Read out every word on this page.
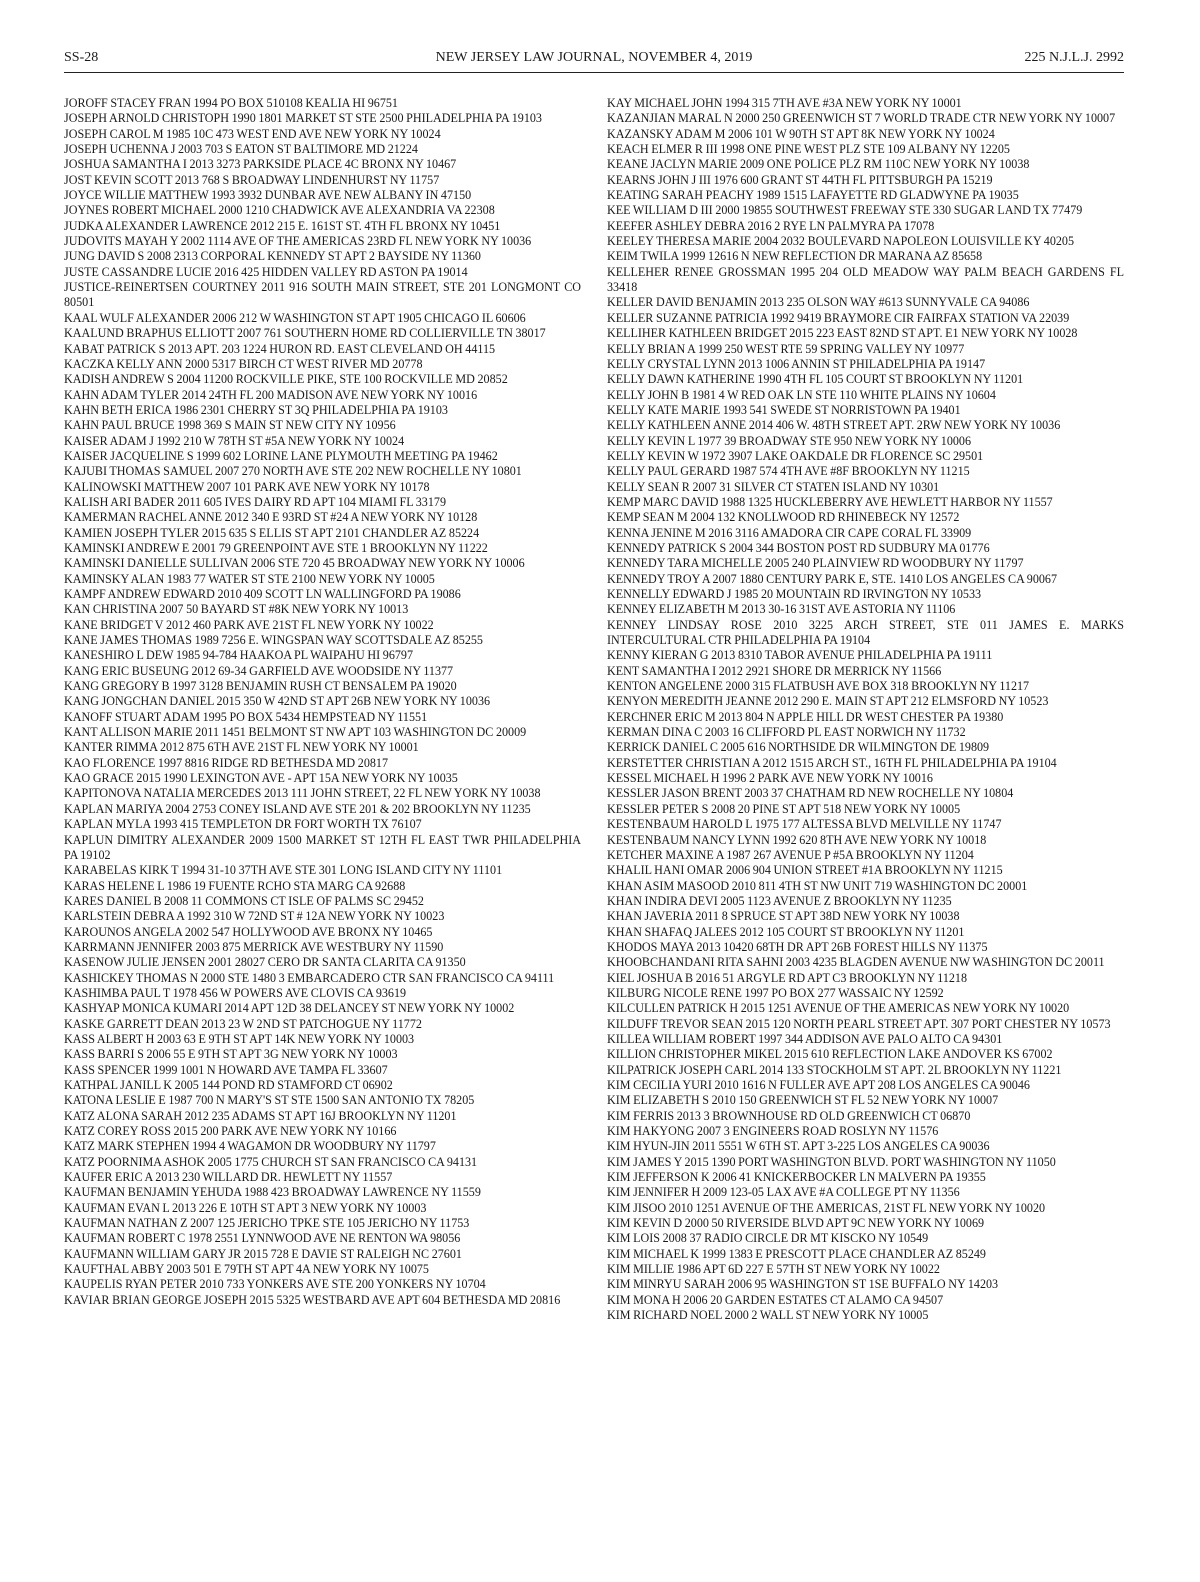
SS-28	NEW JERSEY LAW JOURNAL, NOVEMBER 4, 2019	225 N.J.L.J. 2992
JOROFF STACEY FRAN 1994 PO BOX 510108 KEALIA HI 96751
JOSEPH ARNOLD CHRISTOPH 1990 1801 MARKET ST STE 2500 PHILADELPHIA PA 19103
JOSEPH CAROL M 1985 10C 473 WEST END AVE NEW YORK NY 10024
JOSEPH UCHENNA J 2003 703 S EATON ST BALTIMORE MD 21224
JOSHUA SAMANTHA I 2013 3273 PARKSIDE PLACE 4C BRONX NY 10467
JOST KEVIN SCOTT 2013 768 S BROADWAY LINDENHURST NY 11757
JOYCE WILLIE MATTHEW 1993 3932 DUNBAR AVE NEW ALBANY IN 47150
JOYNES ROBERT MICHAEL 2000 1210 CHADWICK AVE ALEXANDRIA VA 22308
JUDKA ALEXANDER LAWRENCE 2012 215 E. 161ST ST. 4TH FL BRONX NY 10451
JUDOVITS MAYAH Y 2002 1114 AVE OF THE AMERICAS 23RD FL NEW YORK NY 10036
JUNG DAVID S 2008 2313 CORPORAL KENNEDY ST APT 2 BAYSIDE NY 11360
JUSTE CASSANDRE LUCIE 2016 425 HIDDEN VALLEY RD ASTON PA 19014
JUSTICE-REINERTSEN COURTNEY 2011 916 SOUTH MAIN STREET, STE 201 LONGMONT CO 80501
KAAL WULF ALEXANDER 2006 212 W WASHINGTON ST APT 1905 CHICAGO IL 60606
KAALUND BRAPHUS ELLIOTT 2007 761 SOUTHERN HOME RD COLLIERVILLE TN 38017
KABAT PATRICK S 2013 APT. 203 1224 HURON RD. EAST CLEVELAND OH 44115
KACZKA KELLY ANN 2000 5317 BIRCH CT WEST RIVER MD 20778
KADISH ANDREW S 2004 11200 ROCKVILLE PIKE, STE 100 ROCKVILLE MD 20852
KAHN ADAM TYLER 2014 24TH FL 200 MADISON AVE NEW YORK NY 10016
KAHN BETH ERICA 1986 2301 CHERRY ST 3Q PHILADELPHIA PA 19103
KAHN PAUL BRUCE 1998 369 S MAIN ST NEW CITY NY 10956
KAISER ADAM J 1992 210 W 78TH ST #5A NEW YORK NY 10024
KAISER JACQUELINE S 1999 602 LORINE LANE PLYMOUTH MEETING PA 19462
KAJUBI THOMAS SAMUEL 2007 270 NORTH AVE STE 202 NEW ROCHELLE NY 10801
KALINOWSKI MATTHEW 2007 101 PARK AVE NEW YORK NY 10178
KALISH ARI BADER 2011 605 IVES DAIRY RD APT 104 MIAMI FL 33179
KAMERMAN RACHEL ANNE 2012 340 E 93RD ST #24 A NEW YORK NY 10128
KAMIEN JOSEPH TYLER 2015 635 S ELLIS ST APT 2101 CHANDLER AZ 85224
KAMINSKI ANDREW E 2001 79 GREENPOINT AVE STE 1 BROOKLYN NY 11222
KAMINSKI DANIELLE SULLIVAN 2006 STE 720 45 BROADWAY NEW YORK NY 10006
KAMINSKY ALAN 1983 77 WATER ST STE 2100 NEW YORK NY 10005
KAMPF ANDREW EDWARD 2010 409 SCOTT LN WALLINGFORD PA 19086
KAN CHRISTINA 2007 50 BAYARD ST #8K NEW YORK NY 10013
KANE BRIDGET V 2012 460 PARK AVE 21ST FL NEW YORK NY 10022
KANE JAMES THOMAS 1989 7256 E. WINGSPAN WAY SCOTTSDALE AZ 85255
KANESHIRO L DEW 1985 94-784 HAAKOA PL WAIPAHU HI 96797
KANG ERIC BUSEUNG 2012 69-34 GARFIELD AVE WOODSIDE NY 11377
KANG GREGORY B 1997 3128 BENJAMIN RUSH CT BENSALEM PA 19020
KANG JONGCHAN DANIEL 2015 350 W 42ND ST APT 26B NEW YORK NY 10036
KANOFF STUART ADAM 1995 PO BOX 5434 HEMPSTEAD NY 11551
KANT ALLISON MARIE 2011 1451 BELMONT ST NW APT 103 WASHINGTON DC 20009
KANTER RIMMA 2012 875 6TH AVE 21ST FL NEW YORK NY 10001
KAO FLORENCE 1997 8816 RIDGE RD BETHESDA MD 20817
KAO GRACE 2015 1990 LEXINGTON AVE - APT 15A NEW YORK NY 10035
KAPITONOVA NATALIA MERCEDES 2013 111 JOHN STREET, 22 FL NEW YORK NY 10038
KAPLAN MARIYA 2004 2753 CONEY ISLAND AVE STE 201 & 202 BROOKLYN NY 11235
KAPLAN MYLA 1993 415 TEMPLETON DR FORT WORTH TX 76107
KAPLUN DIMITRY ALEXANDER 2009 1500 MARKET ST 12TH FL EAST TWR PHILADELPHIA PA 19102
KARABELAS KIRK T 1994 31-10 37TH AVE STE 301 LONG ISLAND CITY NY 11101
KARAS HELENE L 1986 19 FUENTE RCHO STA MARG CA 92688
KARES DANIEL B 2008 11 COMMONS CT ISLE OF PALMS SC 29452
KARLSTEIN DEBRA A 1992 310 W 72ND ST # 12A NEW YORK NY 10023
KAROUNOS ANGELA 2002 547 HOLLYWOOD AVE BRONX NY 10465
KARRMANN JENNIFER 2003 875 MERRICK AVE WESTBURY NY 11590
KASENOW JULIE JENSEN 2001 28027 CERO DR SANTA CLARITA CA 91350
KASHICKEY THOMAS N 2000 STE 1480 3 EMBARCADERO CTR SAN FRANCISCO CA 94111
KASHIMBA PAUL T 1978 456 W POWERS AVE CLOVIS CA 93619
KASHYAP MONICA KUMARI 2014 APT 12D 38 DELANCEY ST NEW YORK NY 10002
KASKE GARRETT DEAN 2013 23 W 2ND ST PATCHOGUE NY 11772
KASS ALBERT H 2003 63 E 9TH ST APT 14K NEW YORK NY 10003
KASS BARRI S 2006 55 E 9TH ST APT 3G NEW YORK NY 10003
KASS SPENCER 1999 1001 N HOWARD AVE TAMPA FL 33607
KATHPAL JANILL K 2005 144 POND RD STAMFORD CT 06902
KATONA LESLIE E 1987 700 N MARY'S ST STE 1500 SAN ANTONIO TX 78205
KATZ ALONA SARAH 2012 235 ADAMS ST APT 16J BROOKLYN NY 11201
KATZ COREY ROSS 2015 200 PARK AVE NEW YORK NY 10166
KATZ MARK STEPHEN 1994 4 WAGAMON DR WOODBURY NY 11797
KATZ POORNIMA ASHOK 2005 1775 CHURCH ST SAN FRANCISCO CA 94131
KAUFER ERIC A 2013 230 WILLARD DR. HEWLETT NY 11557
KAUFMAN BENJAMIN YEHUDA 1988 423 BROADWAY LAWRENCE NY 11559
KAUFMAN EVAN L 2013 226 E 10TH ST APT 3 NEW YORK NY 10003
KAUFMAN NATHAN Z 2007 125 JERICHO TPKE STE 105 JERICHO NY 11753
KAUFMAN ROBERT C 1978 2551 LYNNWOOD AVE NE RENTON WA 98056
KAUFMANN WILLIAM GARY JR 2015 728 E DAVIE ST RALEIGH NC 27601
KAUFTHAL ABBY 2003 501 E 79TH ST APT 4A NEW YORK NY 10075
KAUPELIS RYAN PETER 2010 733 YONKERS AVE STE 200 YONKERS NY 10704
KAVIAR BRIAN GEORGE JOSEPH 2015 5325 WESTBARD AVE APT 604 BETHESDA MD 20816
KAY MICHAEL JOHN 1994 315 7TH AVE #3A NEW YORK NY 10001
KAZANJIAN MARAL N 2000 250 GREENWICH ST 7 WORLD TRADE CTR NEW YORK NY 10007
KAZANSKY ADAM M 2006 101 W 90TH ST APT 8K NEW YORK NY 10024
KEACH ELMER R III 1998 ONE PINE WEST PLZ STE 109 ALBANY NY 12205
KEANE JACLYN MARIE 2009 ONE POLICE PLZ RM 110C NEW YORK NY 10038
KEARNS JOHN J III 1976 600 GRANT ST 44TH FL PITTSBURGH PA 15219
KEATING SARAH PEACHY 1989 1515 LAFAYETTE RD GLADWYNE PA 19035
KEE WILLIAM D III 2000 19855 SOUTHWEST FREEWAY STE 330 SUGAR LAND TX 77479
KEEFER ASHLEY DEBRA 2016 2 RYE LN PALMYRA PA 17078
KEELEY THERESA MARIE 2004 2032 BOULEVARD NAPOLEON LOUISVILLE KY 40205
KEIM TWILA 1999 12616 N NEW REFLECTION DR MARANA AZ 85658
KELLEHER RENEE GROSSMAN 1995 204 OLD MEADOW WAY PALM BEACH GARDENS FL 33418
KELLER DAVID BENJAMIN 2013 235 OLSON WAY #613 SUNNYVALE CA 94086
KELLER SUZANNE PATRICIA 1992 9419 BRAYMORE CIR FAIRFAX STATION VA 22039
KELLIHER KATHLEEN BRIDGET 2015 223 EAST 82ND ST APT. E1 NEW YORK NY 10028
KELLY BRIAN A 1999 250 WEST RTE 59 SPRING VALLEY NY 10977
KELLY CRYSTAL LYNN 2013 1006 ANNIN ST PHILADELPHIA PA 19147
KELLY DAWN KATHERINE 1990 4TH FL 105 COURT ST BROOKLYN NY 11201
KELLY JOHN B 1981 4 W RED OAK LN STE 110 WHITE PLAINS NY 10604
KELLY KATE MARIE 1993 541 SWEDE ST NORRISTOWN PA 19401
KELLY KATHLEEN ANNE 2014 406 W. 48TH STREET APT. 2RW NEW YORK NY 10036
KELLY KEVIN L 1977 39 BROADWAY STE 950 NEW YORK NY 10006
KELLY KEVIN W 1972 3907 LAKE OAKDALE DR FLORENCE SC 29501
KELLY PAUL GERARD 1987 574 4TH AVE #8F BROOKLYN NY 11215
KELLY SEAN R 2007 31 SILVER CT STATEN ISLAND NY 10301
KEMP MARC DAVID 1988 1325 HUCKLEBERRY AVE HEWLETT HARBOR NY 11557
KEMP SEAN M 2004 132 KNOLLWOOD RD RHINEBECK NY 12572
KENNA JENINE M 2016 3116 AMADORA CIR CAPE CORAL FL 33909
KENNEDY PATRICK S 2004 344 BOSTON POST RD SUDBURY MA 01776
KENNEDY TARA MICHELLE 2005 240 PLAINVIEW RD WOODBURY NY 11797
KENNEDY TROY A 2007 1880 CENTURY PARK E, STE. 1410 LOS ANGELES CA 90067
KENNELLY EDWARD J 1985 20 MOUNTAIN RD IRVINGTON NY 10533
KENNEY ELIZABETH M 2013 30-16 31ST AVE ASTORIA NY 11106
KENNEY LINDSAY ROSE 2010 3225 ARCH STREET, STE 011 JAMES E. MARKS INTERCULTURAL CTR PHILADELPHIA PA 19104
KENNY KIERAN G 2013 8310 TABOR AVENUE PHILADELPHIA PA 19111
KENT SAMANTHA I 2012 2921 SHORE DR MERRICK NY 11566
KENTON ANGELENE 2000 315 FLATBUSH AVE BOX 318 BROOKLYN NY 11217
KENYON MEREDITH JEANNE 2012 290 E. MAIN ST APT 212 ELMSFORD NY 10523
KERCHNER ERIC M 2013 804 N APPLE HILL DR WEST CHESTER PA 19380
KERMAN DINA C 2003 16 CLIFFORD PL EAST NORWICH NY 11732
KERRICK DANIEL C 2005 616 NORTHSIDE DR WILMINGTON DE 19809
KERSTETTER CHRISTIAN A 2012 1515 ARCH ST., 16TH FL PHILADELPHIA PA 19104
KESSEL MICHAEL H 1996 2 PARK AVE NEW YORK NY 10016
KESSLER JASON BRENT 2003 37 CHATHAM RD NEW ROCHELLE NY 10804
KESSLER PETER S 2008 20 PINE ST APT 518 NEW YORK NY 10005
KESTENBAUM HAROLD L 1975 177 ALTESSA BLVD MELVILLE NY 11747
KESTENBAUM NANCY LYNN 1992 620 8TH AVE NEW YORK NY 10018
KETCHER MAXINE A 1987 267 AVENUE P #5A BROOKLYN NY 11204
KHALIL HANI OMAR 2006 904 UNION STREET #1A BROOKLYN NY 11215
KHAN ASIM MASOOD 2010 811 4TH ST NW UNIT 719 WASHINGTON DC 20001
KHAN INDIRA DEVI 2005 1123 AVENUE Z BROOKLYN NY 11235
KHAN JAVERIA 2011 8 SPRUCE ST APT 38D NEW YORK NY 10038
KHAN SHAFAQ JALEES 2012 105 COURT ST BROOKLYN NY 11201
KHODOS MAYA 2013 10420 68TH DR APT 26B FOREST HILLS NY 11375
KHOOBCHANDANI RITA SAHNI 2003 4235 BLAGDEN AVENUE NW WASHINGTON DC 20011
KIEL JOSHUA B 2016 51 ARGYLE RD APT C3 BROOKLYN NY 11218
KILBURG NICOLE RENE 1997 PO BOX 277 WASSAIC NY 12592
KILCULLEN PATRICK H 2015 1251 AVENUE OF THE AMERICAS NEW YORK NY 10020
KILDUFF TREVOR SEAN 2015 120 NORTH PEARL STREET APT. 307 PORT CHESTER NY 10573
KILLEA WILLIAM ROBERT 1997 344 ADDISON AVE PALO ALTO CA 94301
KILLION CHRISTOPHER MIKEL 2015 610 REFLECTION LAKE ANDOVER KS 67002
KILPATRICK JOSEPH CARL 2014 133 STOCKHOLM ST APT. 2L BROOKLYN NY 11221
KIM CECILIA YURI 2010 1616 N FULLER AVE APT 208 LOS ANGELES CA 90046
KIM ELIZABETH S 2010 150 GREENWICH ST FL 52 NEW YORK NY 10007
KIM FERRIS 2013 3 BROWNHOUSE RD OLD GREENWICH CT 06870
KIM HAKYONG 2007 3 ENGINEERS ROAD ROSLYN NY 11576
KIM HYUN-JIN 2011 5551 W 6TH ST. APT 3-225 LOS ANGELES CA 90036
KIM JAMES Y 2015 1390 PORT WASHINGTON BLVD. PORT WASHINGTON NY 11050
KIM JEFFERSON K 2006 41 KNICKERBOCKER LN MALVERN PA 19355
KIM JENNIFER H 2009 123-05 LAX AVE #A COLLEGE PT NY 11356
KIM JISOO 2010 1251 AVENUE OF THE AMERICAS, 21ST FL NEW YORK NY 10020
KIM KEVIN D 2000 50 RIVERSIDE BLVD APT 9C NEW YORK NY 10069
KIM LOIS 2008 37 RADIO CIRCLE DR MT KISCKO NY 10549
KIM MICHAEL K 1999 1383 E PRESCOTT PLACE CHANDLER AZ 85249
KIM MILLIE 1986 APT 6D 227 E 57TH ST NEW YORK NY 10022
KIM MINRYU SARAH 2006 95 WASHINGTON ST 1SE BUFFALO NY 14203
KIM MONA H 2006 20 GARDEN ESTATES CT ALAMO CA 94507
KIM RICHARD NOEL 2000 2 WALL ST NEW YORK NY 10005
